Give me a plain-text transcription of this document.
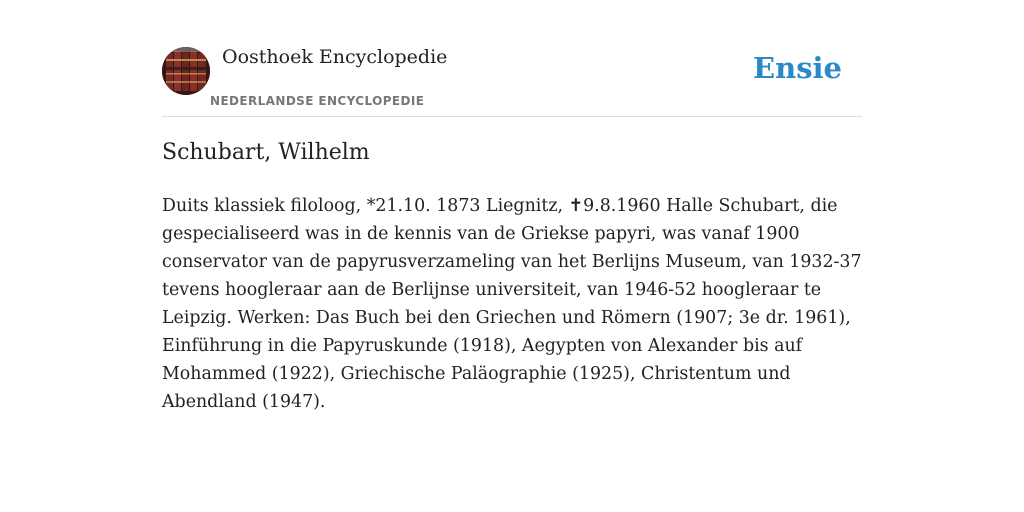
Oosthoek Encyclopedie
NEDERLANDSE ENCYCLOPEDIE
Ensie
Schubart, Wilhelm

Duits klassiek filoloog, *21.10. 1873 Liegnitz, ✝9.8.1960 Halle Schubart, die gespecialiseerd was in de kennis van de Griekse papyri, was vanaf 1900 conservator van de papyrusverzameling van het Berlijns Museum, van 1932-37 tevens hoogleraar aan de Berlijnse universiteit, van 1946-52 hoogleraar te Leipzig. Werken: Das Buch bei den Griechen und Römern (1907; 3e dr. 1961), Einführung in die Papyruskunde (1918), Aegypten von Alexander bis auf Mohammed (1922), Griechische Paläographie (1925), Christentum und Abendland (1947).
